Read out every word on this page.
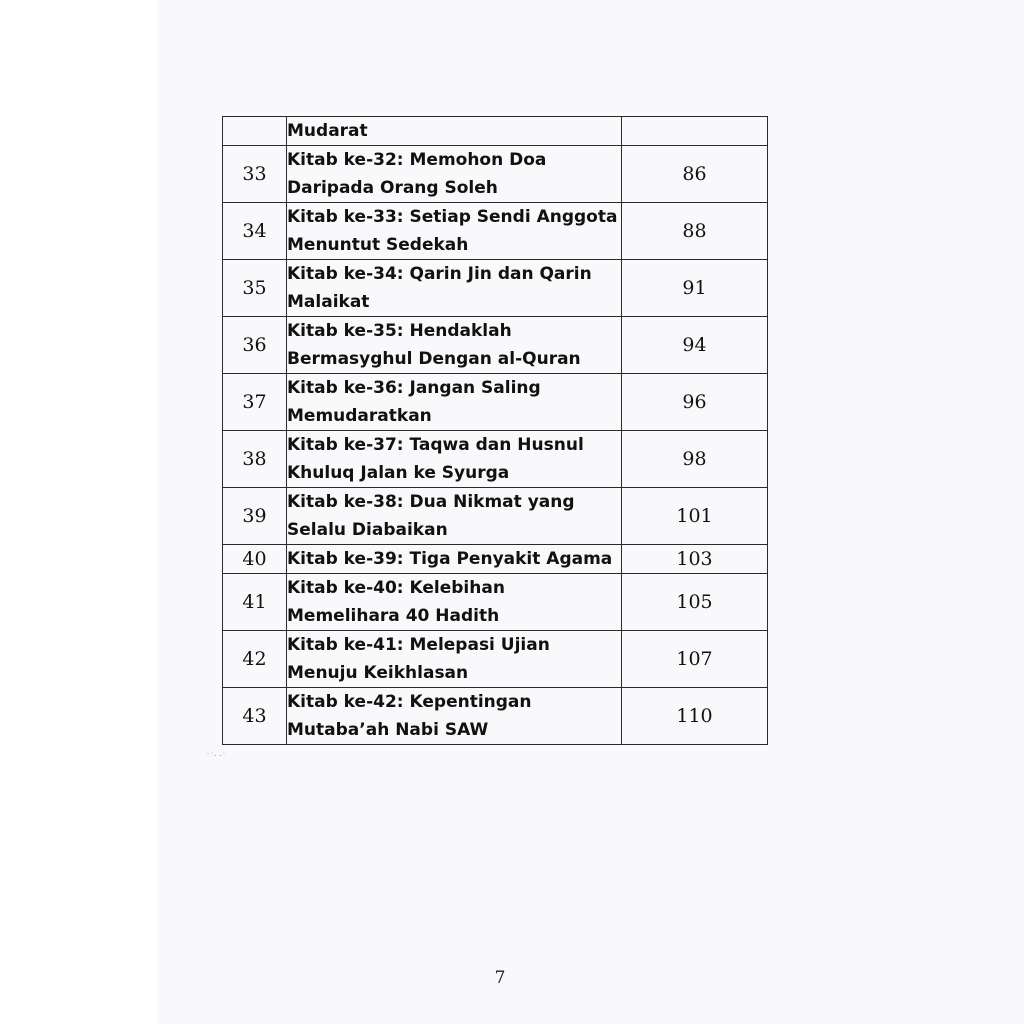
	Mudarat	

33	Kitab ke-32: Memohon Doa
Daripada Orang Soleh	86
34	Kitab ke-33: Setiap Sendi Anggota
Menuntut Sedekah	88
35	Kitab ke-34: Qarin Jin dan Qarin
Malaikat	91
36	Kitab ke-35: Hendaklah
Bermasyghul Dengan al-Quran	94
37	Kitab ke-36: Jangan Saling
Memudaratkan	96
38	Kitab ke-37: Taqwa dan Husnul
Khuluq Jalan ke Syurga	98
39	Kitab ke-38: Dua Nikmat yang
Selalu Diabaikan	101
40	Kitab ke-39: Tiga Penyakit Agama	103
41	Kitab ke-40: Kelebihan
Memelihara 40 Hadith	105
42	Kitab ke-41: Melepasi Ujian
Menuju Keikhlasan	107
43	Kitab ke-42: Kepentingan
Mutaba’ah Nabi SAW	110
˙˙ˑ ˑ˙
7
